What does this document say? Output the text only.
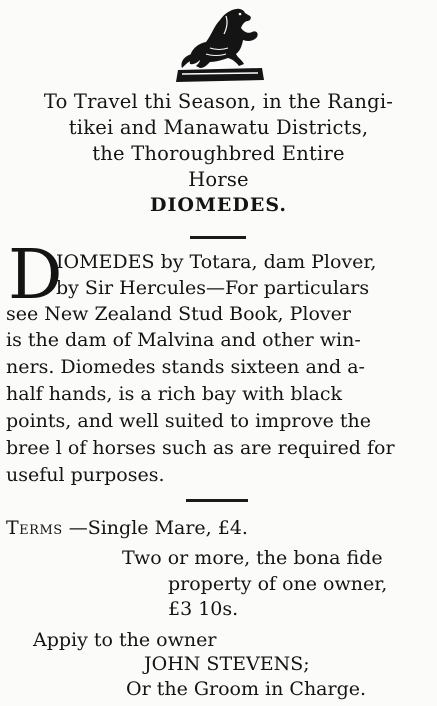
To Travel thi Season, in the Rangi-
tikei and Manawatu Districts,
the Thoroughbred Entire
Horse
DIOMEDES.
D
IOMEDES by Totara, dam Plover,
by Sir Hercules—For particulars
see New Zealand Stud Book, Plover
is the dam of Malvina and other win-
ners. Diomedes stands sixteen and a-
half hands, is a rich bay with black
points, and well suited to improve the
bree l of horses such as are required for
useful purposes.
Terms —Single Mare, £4.
Two or more, the bona fide
property of one owner,
£3 10s.
Appiy to the owner
JOHN STEVENS;
Or the Groom in Charge.
